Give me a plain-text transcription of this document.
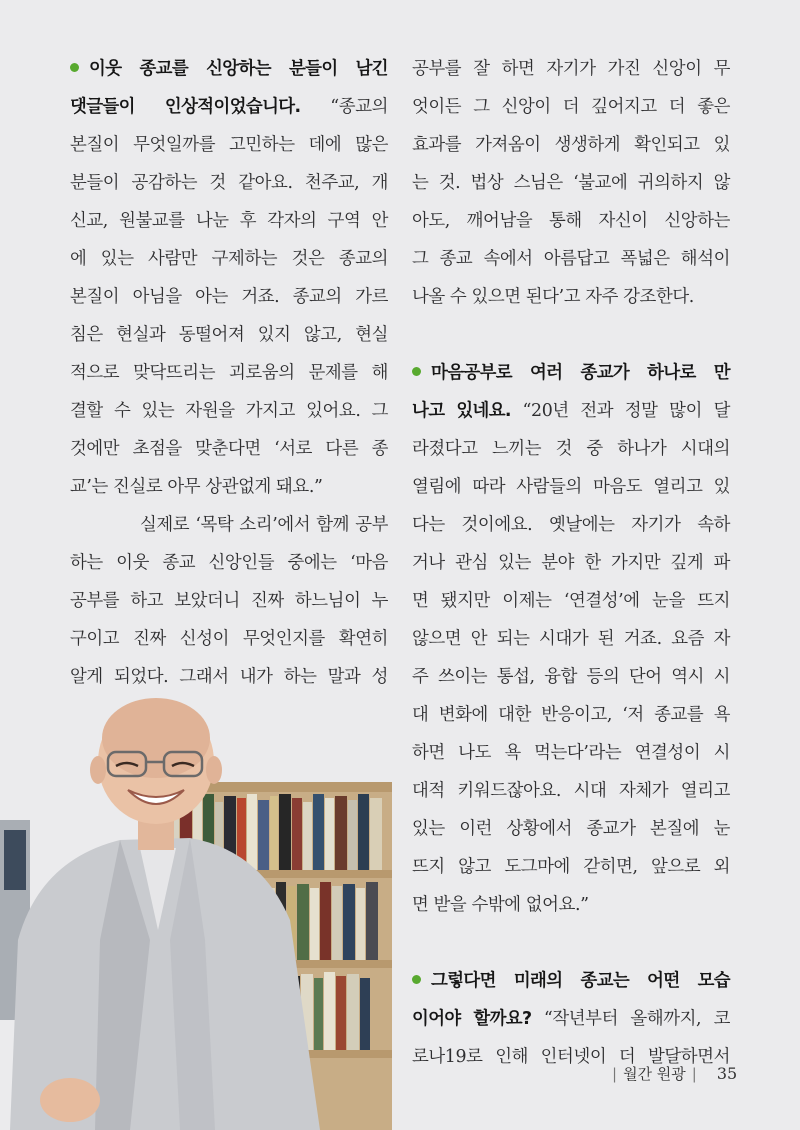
이웃 종교를 신앙하는 분들이 남긴
댓글들이 인상적이었습니다. “종교의
본질이 무엇일까를 고민하는 데에 많은
분들이 공감하는 것 같아요. 천주교, 개
신교, 원불교를 나눈 후 각자의 구역 안
에 있는 사람만 구제하는 것은 종교의
본질이 아님을 아는 거죠. 종교의 가르
침은 현실과 동떨어져 있지 않고, 현실
적으로 맞닥뜨리는 괴로움의 문제를 해
결할 수 있는 자원을 가지고 있어요. 그
것에만 초점을 맞춘다면 ‘서로 다른 종
교’는 진실로 아무 상관없게 돼요.”
실제로 ‘목탁 소리’에서 함께 공부
하는 이웃 종교 신앙인들 중에는 ‘마음
공부를 하고 보았더니 진짜 하느님이 누
구이고 진짜 신성이 무엇인지를 확연히
알게 되었다. 그래서 내가 하는 말과 성
공부를 잘 하면 자기가 가진 신앙이 무
엇이든 그 신앙이 더 깊어지고 더 좋은
효과를 가져옴이 생생하게 확인되고 있
는 것. 법상 스님은 ‘불교에 귀의하지 않
아도, 깨어남을 통해 자신이 신앙하는
그 종교 속에서 아름답고 폭넓은 해석이
나올 수 있으면 된다’고 자주 강조한다.
마음공부로 여러 종교가 하나로 만
나고 있네요. “20년 전과 정말 많이 달
라졌다고 느끼는 것 중 하나가 시대의
열림에 따라 사람들의 마음도 열리고 있
다는 것이에요. 옛날에는 자기가 속하
거나 관심 있는 분야 한 가지만 깊게 파
면 됐지만 이제는 ‘연결성’에 눈을 뜨지
않으면 안 되는 시대가 된 거죠. 요즘 자
주 쓰이는 통섭, 융합 등의 단어 역시 시
대 변화에 대한 반응이고, ‘저 종교를 욕
하면 나도 욕 먹는다’라는 연결성이 시
대적 키워드잖아요. 시대 자체가 열리고
있는 이런 상황에서 종교가 본질에 눈
뜨지 않고 도그마에 갇히면, 앞으로 외
면 받을 수밖에 없어요.”
그렇다면 미래의 종교는 어떤 모습
이어야 할까요? “작년부터 올해까지, 코
로나19로 인해 인터넷이 더 발달하면서
| 월간 원광 | 35
